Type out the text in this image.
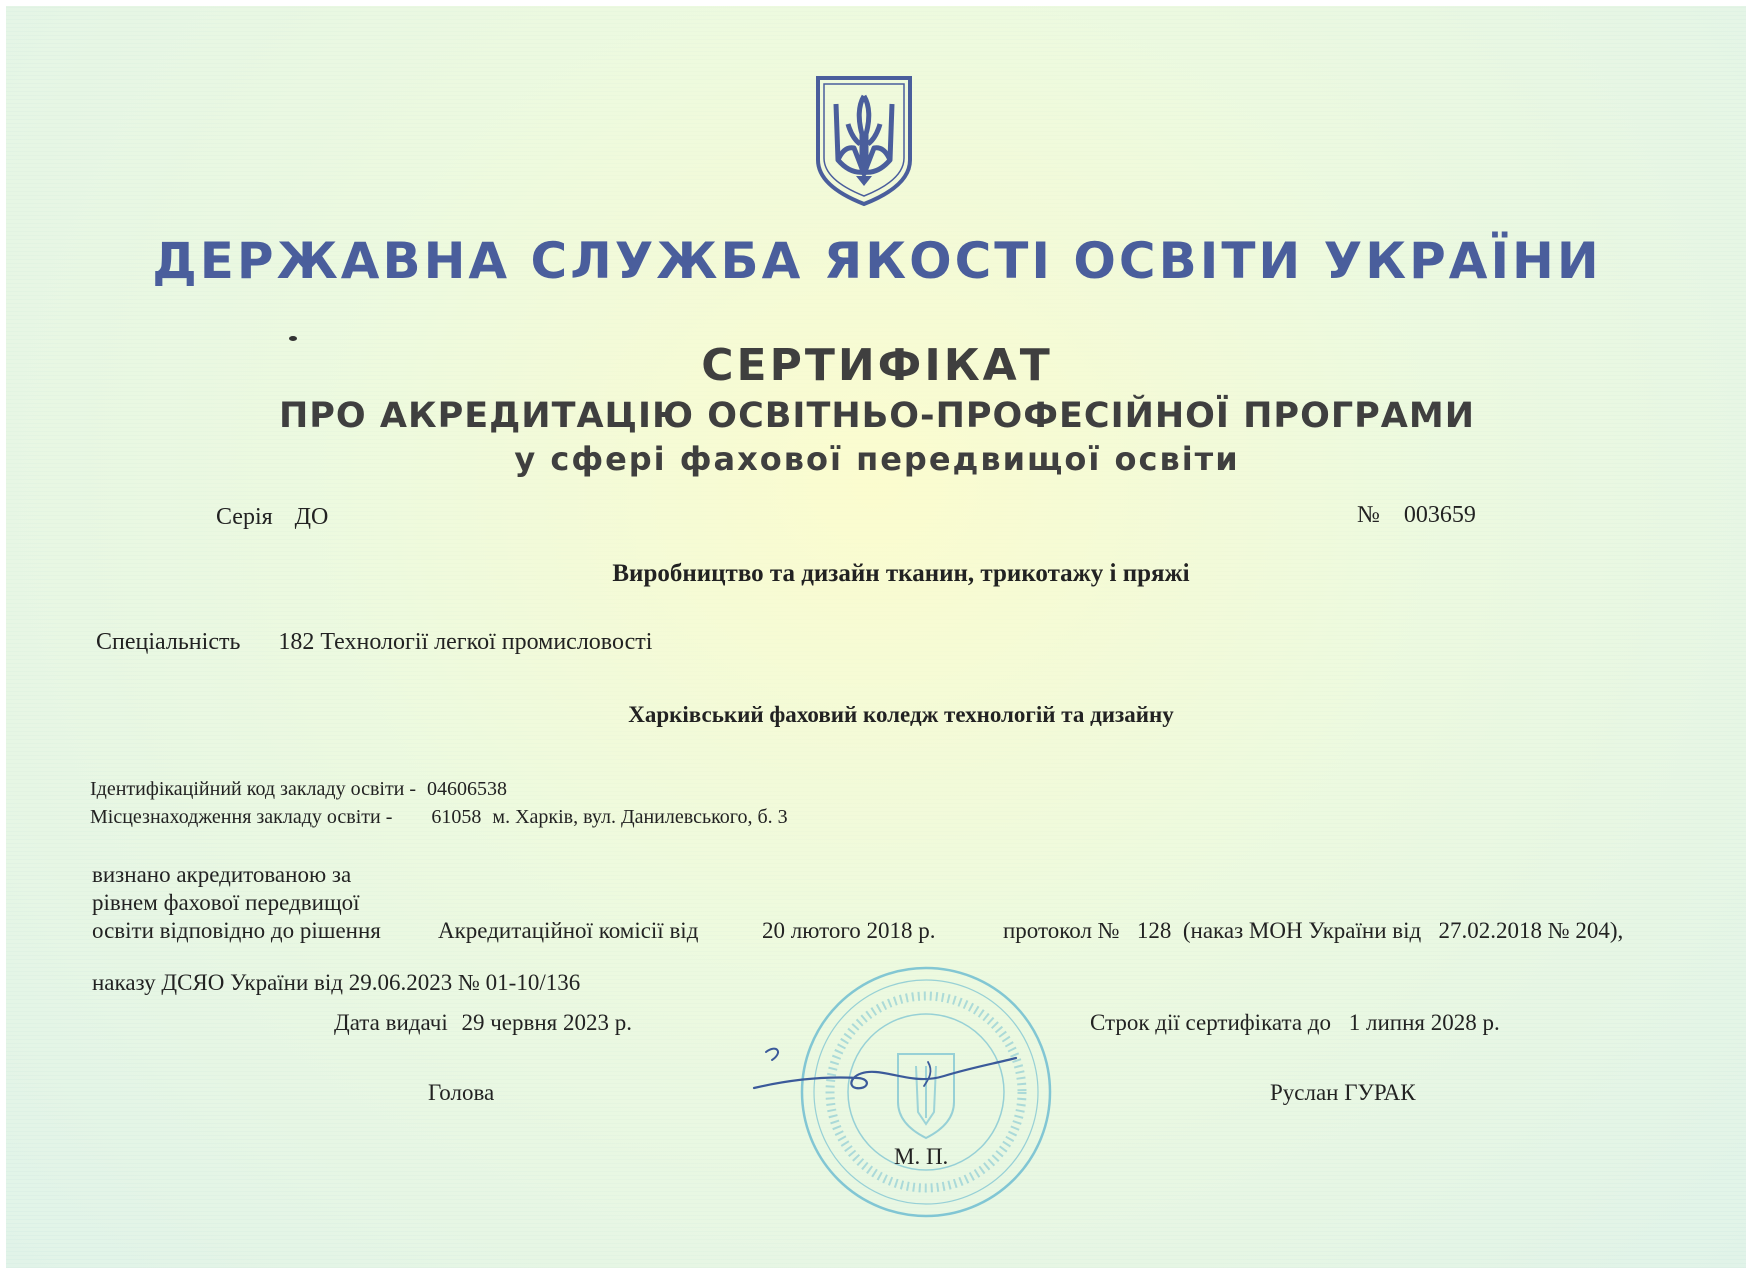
ДЕРЖАВНА СЛУЖБА ЯКОСТІ ОСВІТИ УКРАЇНИ
СЕРТИФІКАТ
ПРО АКРЕДИТАЦІЮ ОСВІТНЬО-ПРОФЕСІЙНОЇ ПРОГРАМИ
у сфері фахової передвищої освіти
Серія ДО	№ 003659
Виробництво та дизайн тканин, трикотажу і пряжі
Спеціальність 182 Технології легкої промисловості
Харківський фаховий коледж технологій та дизайну
Ідентифікаційний код закладу освіти - 04606538
Місцезнаходження закладу освіти - 61058 м. Харків, вул. Данилевського, б. 3
визнано акредитованою за
рівнем фахової передвищої
освіти відповідно до рішення Акредитаційної комісії від	20 лютого 2018 р.	протокол №   128  (наказ МОН України від   27.02.2018 № 204),
наказу ДСЯО України від 29.06.2023 № 01-10/136
Дата видачі 29 червня 2023 р.	Строк дії сертифіката до 1 липня 2028 р.
Голова	Руслан ГУРАК
М. П.
